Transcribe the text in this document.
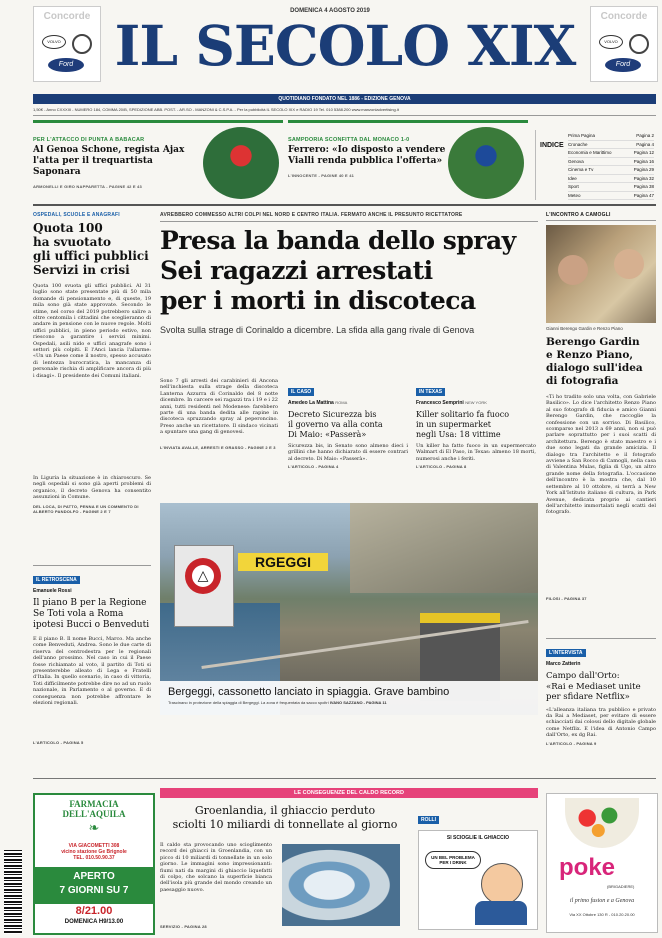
Concorde
VOLVO
Ford
Concorde
VOLVO
Ford
DOMENICA 4 AGOSTO 2019
IL SECOLO XIX
QUOTIDIANO FONDATO NEL 1886 - EDIZIONE GENOVA
1,50€ - Anno CXXXIII - NUMERO 184, COMMA 20/B, SPEDIZIONE ABB. POST. - AR.SO - MANZONI & C.S.P.A. - Per la pubblicità IL SECOLO XIX e RADIO 19 Tel. 010 5388.200 www.manzoniadvertising.it
PER L'ATTACCO DI PUNTA A BABACAR
Al Genoa Schone, regista Ajax
l'atta per il trequartista Saponara
ARMONELLI E GIRO NAPPARETTA - PAGINE 42 E 43
SAMPDORIA SCONFITTA DAL MONACO 1-0
Ferrero: «Io disposto a vendere
Vialli renda pubblica l'offerta»
L'INNOCENTE - PAGINE 40 E 41
INDICE
Prima Pagina	Pagina 2
Cronache	Pagina 4
Economia e Marittimo	Pagina 12
Genova	Pagina 16
Cinema e Tv	Pagina 29
Idee	Pagina 32
Sport	Pagina 38
Meteo	Pagina 47
OSPEDALI, SCUOLE E ANAGRAFI
Quota 100
ha svuotato
gli uffici pubblici
Servizi in crisi
Quota 100 svuota gli uffici pubblici. Al 31 luglio sono state presentate più di 50 mila domande di pensionamento e, di queste, 19 mila sono già state approvate. Secondo le stime, nel corso del 2019 potrebbero salire a oltre centomila i cittadini che sceglieranno di andare in pensione con le nuove regole. Molti uffici pubblici, in pieno periodo estivo, non riescono a garantire i servizi minimi. Ospedali, asili nido e uffici anagrafe sono i settori più colpiti. E l'Anci lancia l'allarme: «Un un Paese come il nostro, spesso accusato di lentezza burocratica, la mancanza di personale rischia di amplificare ancora di più i disagi». Il presidente dei Comuni italiani.
In Liguria la situazione è in chiaroscuro. Se negli ospedali si sono già aperti problemi di organico, il decreto Genova ha consentito assunzioni in Comune.
DEL LOCA, DI PATTO, PENNA E UN COMMENTO DI ALBERTO PANDOLFO - PAGINE 2 E 7
IL RETROSCENA
Emanuele Rossi
Il piano B per la Regione
Se Toti vola a Roma
ipotesi Bucci o Benveduti
E il piano B. Il nome Bucci, Marco. Ma anche come Benveduti, Andrea. Sono le due carte di riserva del centrodestra per le regionali dell'anno prossimo. Nel caso in cui il Paese fosse richiamato al voto, il partito di Toti si presenterebbe alleato di Lega e Fratelli d'Italia. In quello scenario, in caso di vittoria, Toti difficilmente potrebbe dire no ad un ruolo nazionale, in Parlamento o al governo. E di conseguenza non potrebbe affrontare le elezioni regionali.
L'ARTICOLO - PAGINA 5
AVREBBERO COMMESSO ALTRI COLPI NEL NORD E CENTRO ITALIA. FERMATO ANCHE IL PRESUNTO RICETTATORE
Presa la banda dello spray
Sei ragazzi arrestati
per i morti in discoteca
Svolta sulla strage di Corinaldo a dicembre. La sfida alla gang rivale di Genova
Sono 7 gli arresti dei carabinieri di Ancona nell'inchiesta sulla strage della discoteca Lanterna Azzurra di Corinaldo del 8 notte dicembre. In carcere sei ragazzi tra i 19 e i 22 anni, tutti residenti nel Modenese: farebbero parte di una banda dedita alle rapine in discoteca spruzzando spray al peperoncino. Preso anche un ricettatore. Il sindaco vicinati a spuntare una gang di genovesi.
L'INVIATA AVALLE, ARRESTI E GRASSO - PAGINE 2 E 3
IL CASO
Amedeo La Mattina ROMA
Decreto Sicurezza bis
il governo va alla conta
Di Maio: «Passerà»
Sicurezza bis, in Senato sono almeno dieci i grillini che hanno dichiarato di essere contrari al decreto. Di Maio: «Passerà».
L'ARTICOLO - PAGINA 4
IN TEXAS
Francesco Semprini NEW YORK
Killer solitario fa fuoco
in un supermarket
negli Usa: 18 vittime
Un killer ha fatto fuoco in un supermercato Walmart di El Paso, in Texas: almeno 18 morti, numerosi anche i feriti.
L'ARTICOLO - PAGINA 8
△
RGEGGI
Bergeggi, cassonetto lanciato in spiaggia. Grave bambino
Trascinano in protezione della spiaggia di Bergeggi. La zona è frequentata da sacco spoltri IVANO SAZZANO - PAGINA 11
L'INCONTRO A CAMOGLI
Gianni Berengo Gardin e Renzo Piano
Berengo Gardin
e Renzo Piano,
dialogo sull'idea
di fotografia
«Ti ho tradito solo una volta, con Gabriele Basilico». Lo dice l'architetto Renzo Piano al suo fotografo di fiducia e amico Gianni Berengo Gardin, che raccoglie la confessione con un sorriso. Di Basilico, scomparso nel 2013 a 69 anni, non si può parlare soprattutto per i suoi scatti di architettura. Berengo è stato maestro e i due sono legati da grande amicizia. Il dialogo tra l'architetto e il fotografo avviene a San Rocco di Camogli, nella casa di Valentina Mulas, figlia di Ugo, un altro grande nome della fotografia. L'occasione dell'incontro è la mostra che, dal 10 settembre al 10 ottobre, si terrà a New York all'Istituto italiano di cultura, in Park Avenue, dedicata proprio ai cantieri dell'architetto immortalati negli scatti del fotografo.
FILOSI - PAGINA 37
L'INTERVISTA
Marco Zatterin
Campo dall'Orto:
«Rai e Mediaset unite
per sfidare Netflix»
«L'alleanza italiana tra pubblico e privato da Rai a Mediaset, per evitare di essere schiacciati dai colossi dello digitale globale come Netflix. E l'idea di Antonio Campo dall'Orto, ex dg Rai.
L'ARTICOLO - PAGINA 9
FARMACIA DELL'AQUILA
❧
VIA GIACOMETTI 308
vicino stazione Ge Brignole
TEL. 010.50.90.37
APERTO
7 GIORNI SU 7
8/21.00
DOMENICA H9/13.00
LE CONSEGUENZE DEL CALDO RECORD
Groenlandia, il ghiaccio perduto
sciolti 10 miliardi di tonnellate al giorno
Il caldo sta provocando uno scioglimento record dei ghiacci in Groenlandia, con un picco di 10 miliardi di tonnellate in un solo giorno. Le immagini sono impressionanti: fiumi nati da margini di ghiaccio liquefatti di colpo, che solcano la superficie bianca dell'isola più grande del mondo creando un paesaggio nuovo.
SERVIZIO - PAGINA 28
ROLLI
SI SCIOGLIE IL GHIACCIO
UN BEL PROBLEMA PER I DRINK	poke
(BRIGADIERE)
il primo fusion e a Genova
Via XX Ottobre 130 R - 010.20.20.00
